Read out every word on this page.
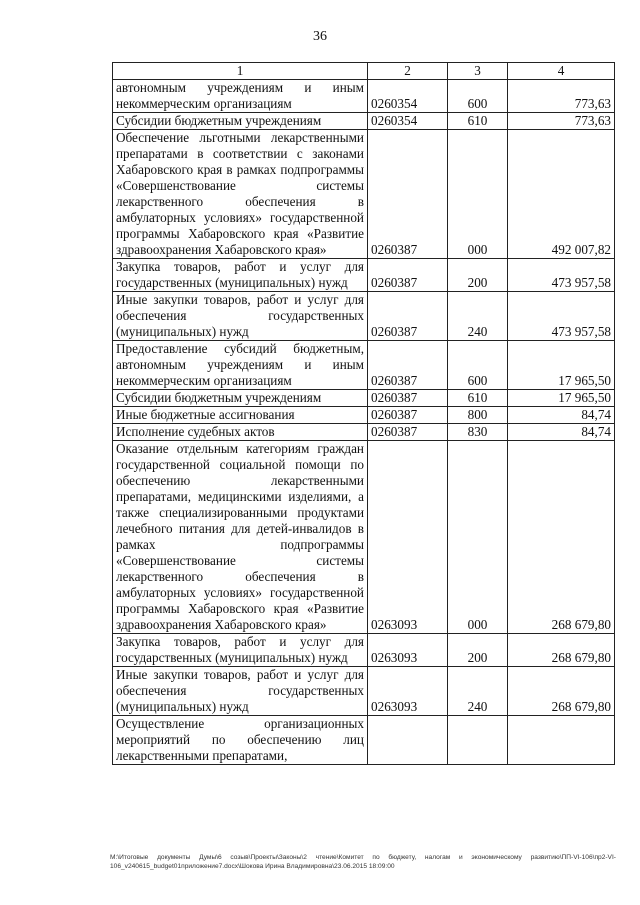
36
1	2	3	4
автономным учреждениям и иным некоммерческим организациям	0260354	600	773,63
Субсидии бюджетным учреждениям	0260354	610	773,63
Обеспечение льготными лекарственными препаратами в соответствии с законами Хабаровского края в рамках подпрограммы «Совершенствование системы лекарственного обеспечения в амбулаторных условиях» государственной программы Хабаровского края «Развитие здравоохранения Хабаровского края»	0260387	000	492 007,82
Закупка товаров, работ и услуг для государственных (муниципальных) нужд	0260387	200	473 957,58
Иные закупки товаров, работ и услуг для обеспечения государственных (муниципальных) нужд	0260387	240	473 957,58
Предоставление субсидий бюджетным, автономным учреждениям и иным некоммерческим организациям	0260387	600	17 965,50
Субсидии бюджетным учреждениям	0260387	610	17 965,50
Иные бюджетные ассигнования	0260387	800	84,74
Исполнение судебных актов	0260387	830	84,74
Оказание отдельным категориям граждан государственной социальной помощи по обеспечению лекарственными препаратами, медицинскими изделиями, а также специализированными продуктами лечебного питания для детей-инвалидов в рамках подпрограммы «Совершенствование системы лекарственного обеспечения в амбулаторных условиях» государственной программы Хабаровского края «Развитие здравоохранения Хабаровского края»	0263093	000	268 679,80
Закупка товаров, работ и услуг для государственных (муниципальных) нужд	0263093	200	268 679,80
Иные закупки товаров, работ и услуг для обеспечения государственных (муниципальных) нужд	0263093	240	268 679,80
Осуществление организационных мероприятий по обеспечению лиц лекарственными препаратами,			
M:\Итоговые документы Думы\6 созыв\Проекты\Законы\2 чтение\Комитет по бюджету, налогам и экономическому развитию\ПП-VI-106\пр2-VI-106_v240615_budget01приложение7.docx\Шокова Ирина Владимировна\23.06.2015 18:09:00
